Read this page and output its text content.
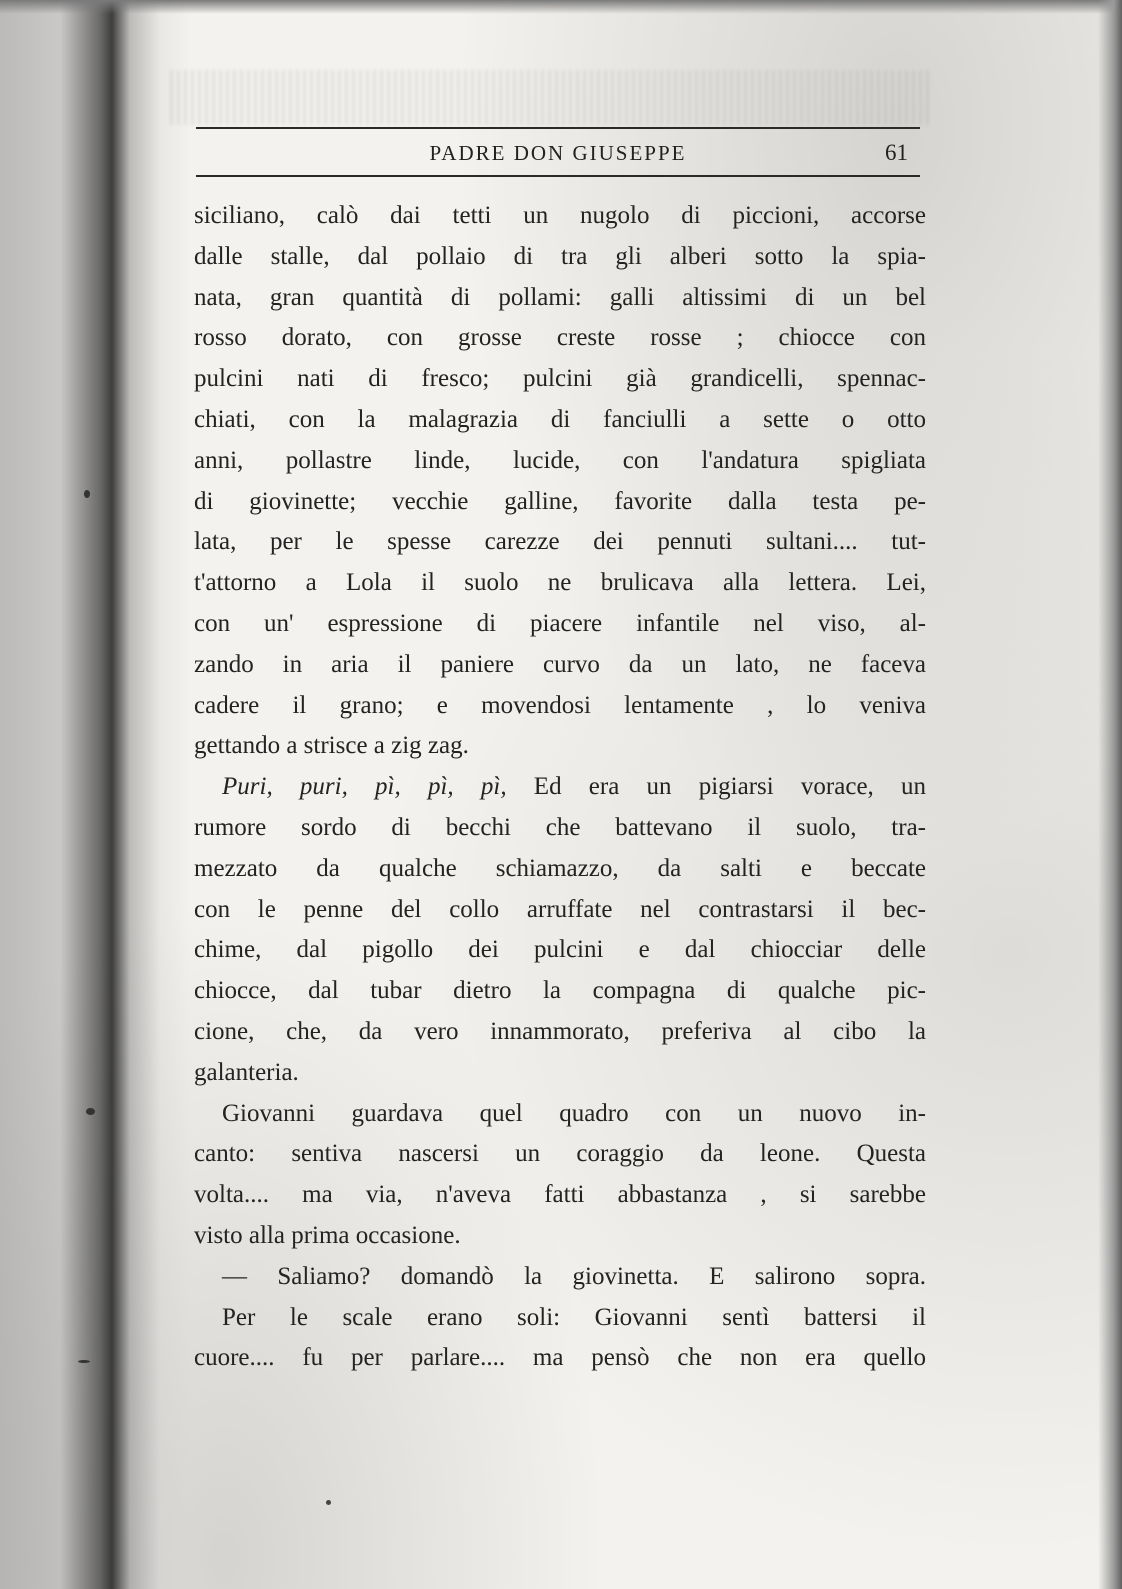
PADRE DON GIUSEPPE	61
siciliano, calò dai tetti un nugolo di piccioni, accorse
dalle stalle, dal pollaio di tra gli alberi sotto la spia-
nata, gran quantità di pollami: galli altissimi di un bel
rosso dorato, con grosse creste rosse ; chiocce con
pulcini nati di fresco; pulcini già grandicelli, spennac-
chiati, con la malagrazia di fanciulli a sette o otto
anni, pollastre linde, lucide, con l'andatura spigliata
di giovinette; vecchie galline, favorite dalla testa pe-
lata, per le spesse carezze dei pennuti sultani.... tut-
t'attorno a Lola il suolo ne brulicava alla lettera. Lei,
con un' espressione di piacere infantile nel viso, al-
zando in aria il paniere curvo da un lato, ne faceva
cadere il grano; e movendosi lentamente , lo veniva
gettando a strisce a zig zag.
Puri, puri, pì, pì, pì, Ed era un pigiarsi vorace, un
rumore sordo di becchi che battevano il suolo, tra-
mezzato da qualche schiamazzo, da salti e beccate
con le penne del collo arruffate nel contrastarsi il bec-
chime, dal pigollo dei pulcini e dal chiocciar delle
chiocce, dal tubar dietro la compagna di qualche pic-
cione, che, da vero innammorato, preferiva al cibo la
galanteria.
Giovanni guardava quel quadro con un nuovo in-
canto: sentiva nascersi un coraggio da leone. Questa
volta.... ma via, n'aveva fatti abbastanza , si sarebbe
visto alla prima occasione.
— Saliamo? domandò la giovinetta. E salirono sopra.
Per le scale erano soli: Giovanni sentì battersi il
cuore.... fu per parlare.... ma pensò che non era quello
